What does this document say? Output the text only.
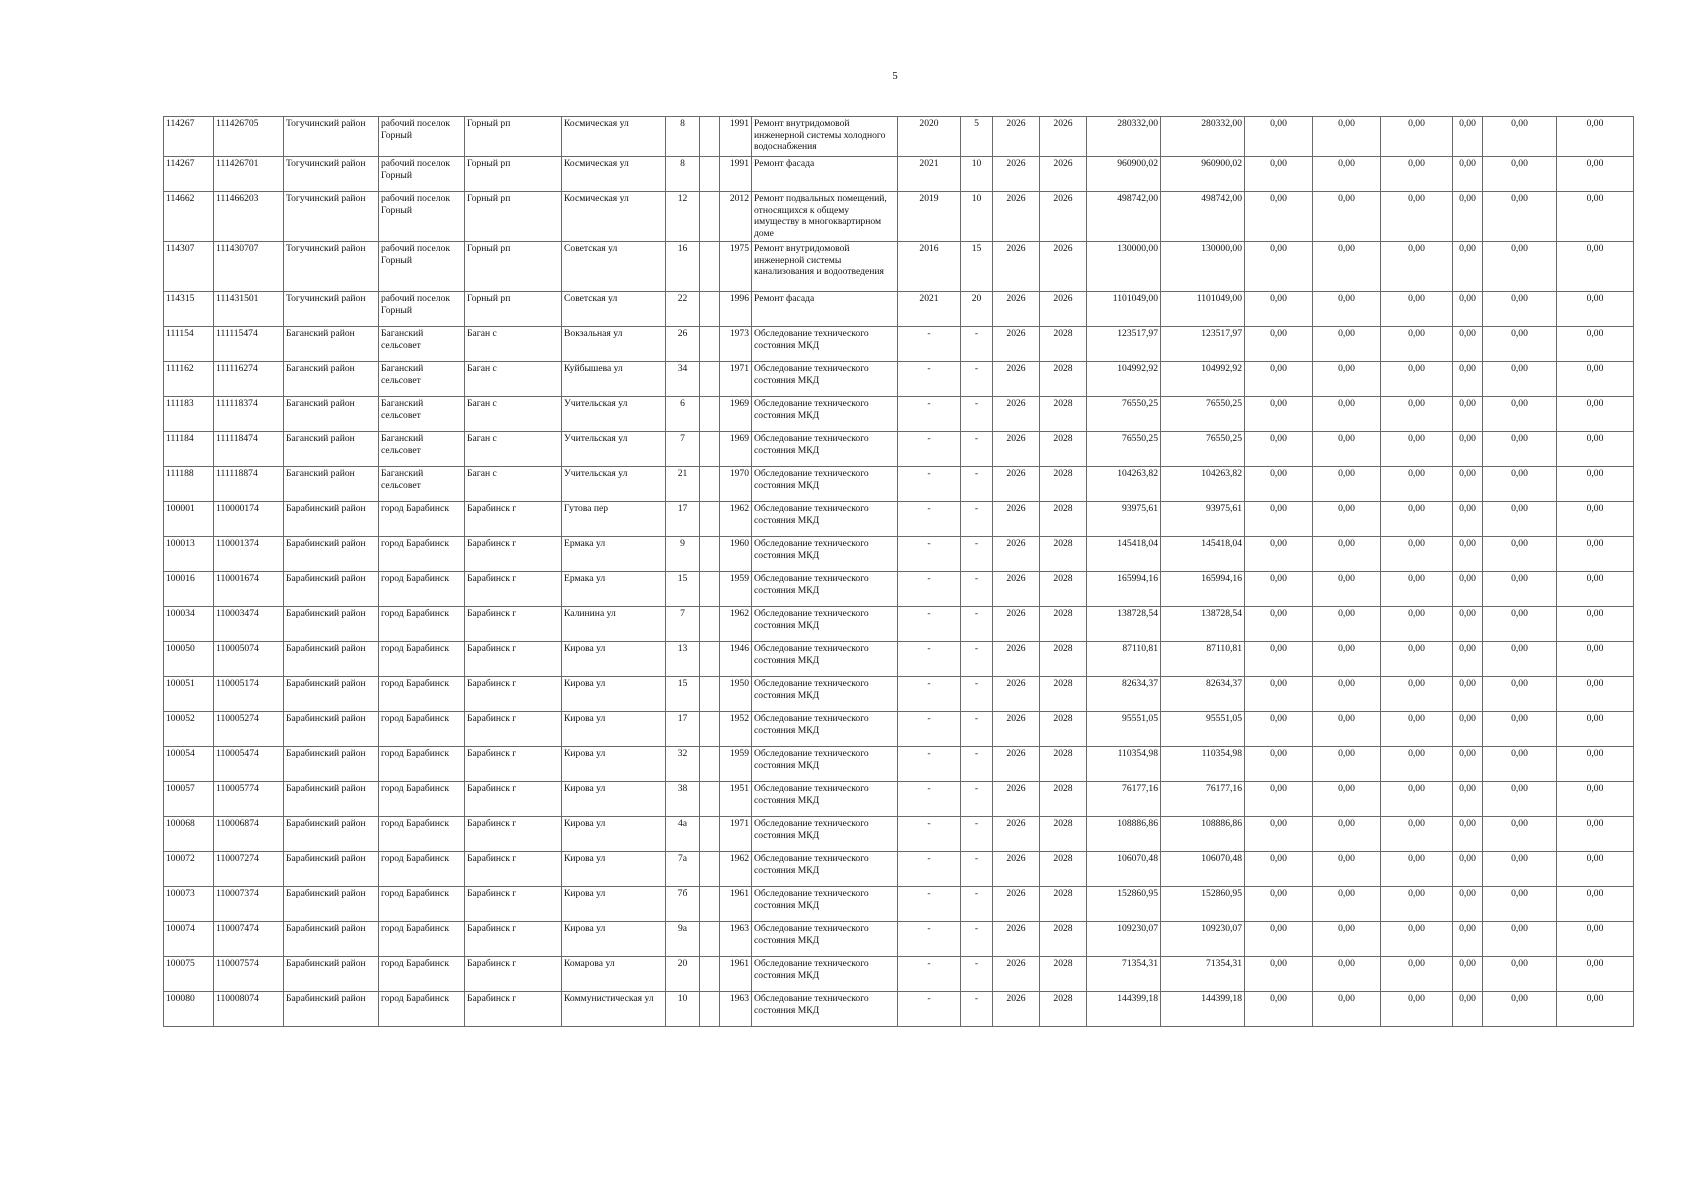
5
114267	111426705	Тогучинский район	рабочий поселок Горный	Горный рп	Космическая ул	8		1991	Ремонт внутридомовой инженерной системы холодного водоснабжения	2020	5	2026	2026	280332,00	280332,00	0,00	0,00	0,00	0,00	0,00	0,00
114267	111426701	Тогучинский район	рабочий поселок Горный	Горный рп	Космическая ул	8		1991	Ремонт фасада	2021	10	2026	2026	960900,02	960900,02	0,00	0,00	0,00	0,00	0,00	0,00
114662	111466203	Тогучинский район	рабочий поселок Горный	Горный рп	Космическая ул	12		2012	Ремонт подвальных помещений, относящихся к общему имуществу в многоквартирном доме	2019	10	2026	2026	498742,00	498742,00	0,00	0,00	0,00	0,00	0,00	0,00
114307	111430707	Тогучинский район	рабочий поселок Горный	Горный рп	Советская ул	16		1975	Ремонт внутридомовой инженерной системы канализования и водоотведения	2016	15	2026	2026	130000,00	130000,00	0,00	0,00	0,00	0,00	0,00	0,00
114315	111431501	Тогучинский район	рабочий поселок Горный	Горный рп	Советская ул	22		1996	Ремонт фасада	2021	20	2026	2026	1101049,00	1101049,00	0,00	0,00	0,00	0,00	0,00	0,00
111154	111115474	Баганский район	Баганский сельсовет	Баган с	Вокзальная ул	26		1973	Обследование технического состояния МКД	-	-	2026	2028	123517,97	123517,97	0,00	0,00	0,00	0,00	0,00	0,00
111162	111116274	Баганский район	Баганский сельсовет	Баган с	Куйбышева ул	34		1971	Обследование технического состояния МКД	-	-	2026	2028	104992,92	104992,92	0,00	0,00	0,00	0,00	0,00	0,00
111183	111118374	Баганский район	Баганский сельсовет	Баган с	Учительская ул	6		1969	Обследование технического состояния МКД	-	-	2026	2028	76550,25	76550,25	0,00	0,00	0,00	0,00	0,00	0,00
111184	111118474	Баганский район	Баганский сельсовет	Баган с	Учительская ул	7		1969	Обследование технического состояния МКД	-	-	2026	2028	76550,25	76550,25	0,00	0,00	0,00	0,00	0,00	0,00
111188	111118874	Баганский район	Баганский сельсовет	Баган с	Учительская ул	21		1970	Обследование технического состояния МКД	-	-	2026	2028	104263,82	104263,82	0,00	0,00	0,00	0,00	0,00	0,00
100001	110000174	Барабинский район	город Барабинск	Барабинск г	Гутова пер	17		1962	Обследование технического состояния МКД	-	-	2026	2028	93975,61	93975,61	0,00	0,00	0,00	0,00	0,00	0,00
100013	110001374	Барабинский район	город Барабинск	Барабинск г	Ермака ул	9		1960	Обследование технического состояния МКД	-	-	2026	2028	145418,04	145418,04	0,00	0,00	0,00	0,00	0,00	0,00
100016	110001674	Барабинский район	город Барабинск	Барабинск г	Ермака ул	15		1959	Обследование технического состояния МКД	-	-	2026	2028	165994,16	165994,16	0,00	0,00	0,00	0,00	0,00	0,00
100034	110003474	Барабинский район	город Барабинск	Барабинск г	Калинина ул	7		1962	Обследование технического состояния МКД	-	-	2026	2028	138728,54	138728,54	0,00	0,00	0,00	0,00	0,00	0,00
100050	110005074	Барабинский район	город Барабинск	Барабинск г	Кирова ул	13		1946	Обследование технического состояния МКД	-	-	2026	2028	87110,81	87110,81	0,00	0,00	0,00	0,00	0,00	0,00
100051	110005174	Барабинский район	город Барабинск	Барабинск г	Кирова ул	15		1950	Обследование технического состояния МКД	-	-	2026	2028	82634,37	82634,37	0,00	0,00	0,00	0,00	0,00	0,00
100052	110005274	Барабинский район	город Барабинск	Барабинск г	Кирова ул	17		1952	Обследование технического состояния МКД	-	-	2026	2028	95551,05	95551,05	0,00	0,00	0,00	0,00	0,00	0,00
100054	110005474	Барабинский район	город Барабинск	Барабинск г	Кирова ул	32		1959	Обследование технического состояния МКД	-	-	2026	2028	110354,98	110354,98	0,00	0,00	0,00	0,00	0,00	0,00
100057	110005774	Барабинский район	город Барабинск	Барабинск г	Кирова ул	38		1951	Обследование технического состояния МКД	-	-	2026	2028	76177,16	76177,16	0,00	0,00	0,00	0,00	0,00	0,00
100068	110006874	Барабинский район	город Барабинск	Барабинск г	Кирова ул	4а		1971	Обследование технического состояния МКД	-	-	2026	2028	108886,86	108886,86	0,00	0,00	0,00	0,00	0,00	0,00
100072	110007274	Барабинский район	город Барабинск	Барабинск г	Кирова ул	7а		1962	Обследование технического состояния МКД	-	-	2026	2028	106070,48	106070,48	0,00	0,00	0,00	0,00	0,00	0,00
100073	110007374	Барабинский район	город Барабинск	Барабинск г	Кирова ул	7б		1961	Обследование технического состояния МКД	-	-	2026	2028	152860,95	152860,95	0,00	0,00	0,00	0,00	0,00	0,00
100074	110007474	Барабинский район	город Барабинск	Барабинск г	Кирова ул	9а		1963	Обследование технического состояния МКД	-	-	2026	2028	109230,07	109230,07	0,00	0,00	0,00	0,00	0,00	0,00
100075	110007574	Барабинский район	город Барабинск	Барабинск г	Комарова ул	20		1961	Обследование технического состояния МКД	-	-	2026	2028	71354,31	71354,31	0,00	0,00	0,00	0,00	0,00	0,00
100080	110008074	Барабинский район	город Барабинск	Барабинск г	Коммунистическая ул	10		1963	Обследование технического состояния МКД	-	-	2026	2028	144399,18	144399,18	0,00	0,00	0,00	0,00	0,00	0,00
